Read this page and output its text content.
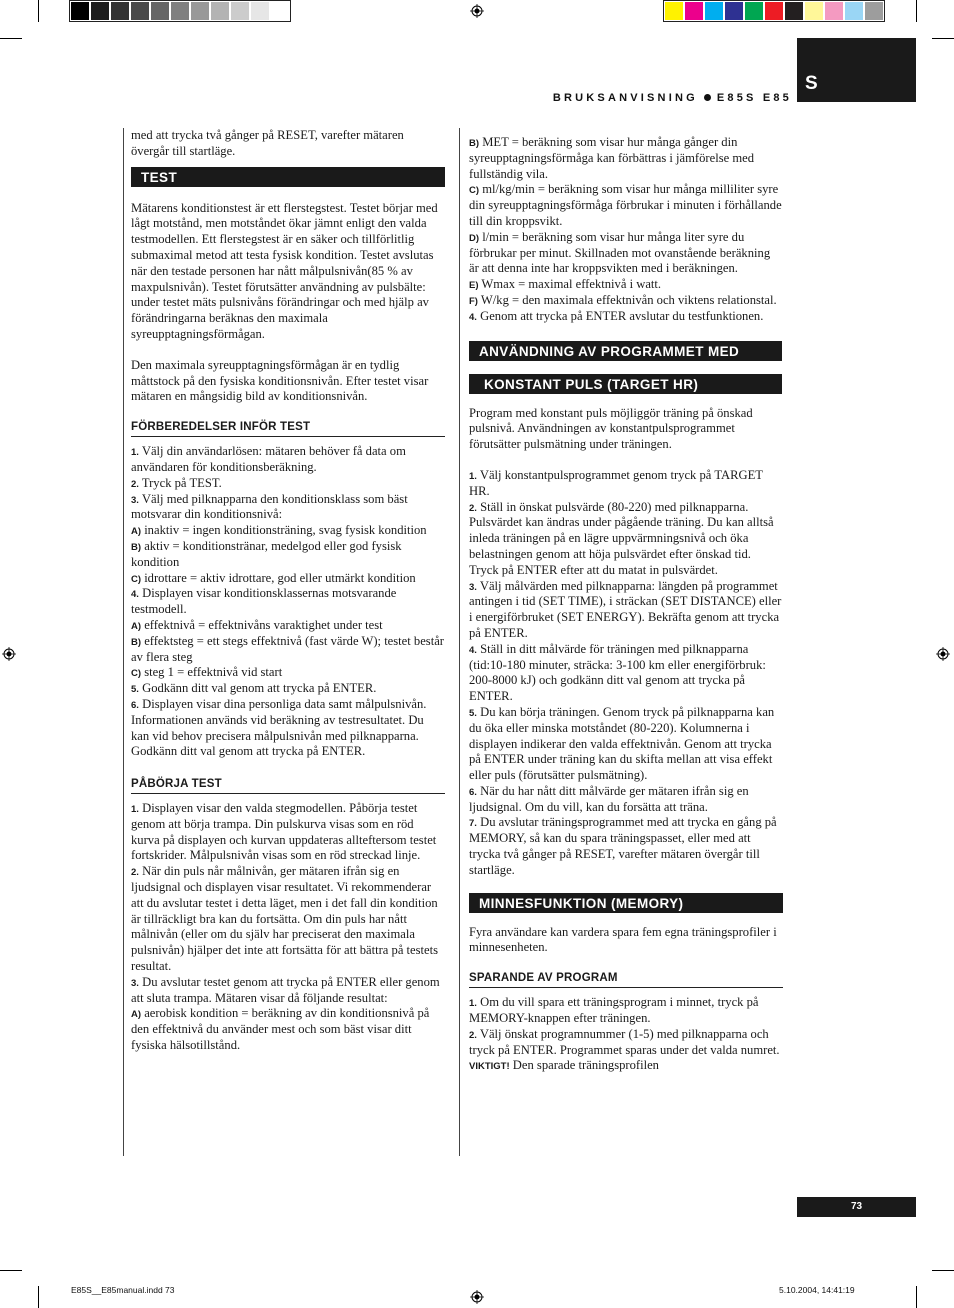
S
BRUKSANVISNING E85S E85

med att trycka två gånger på RESET, varefter mätaren övergår till startläge.

TEST

Mätarens konditionstest är ett flerstegstest. Testet börjar med lågt motstånd, men motståndet ökar jämnt enligt den valda testmodellen. Ett flerstegstest är en säker och tillförlitlig submaximal metod att testa fysisk kondition. Testet avslutas när den testade personen har nått målpulsnivån(85 % av maxpulsnivån). Testet förutsätter användning av pulsbälte: under testet mäts pulsnivåns förändringar och med hjälp av förändringarna beräknas den maximala syreupptagningsförmågan.

Den maximala syreupptagningsförmågan är en tydlig måttstock på den fysiska konditionsnivån. Efter testet visar mätaren en mångsidig bild av konditionsnivån.

FÖRBEREDELSER INFÖR TEST

1. Välj din användarlösen: mätaren behöver få data om användaren för konditionsberäkning.

2. Tryck på TEST.

3. Välj med pilknapparna den konditionsklass som bäst motsvarar din konditionsnivå:

A) inaktiv = ingen konditionsträning, svag fysisk kondition

B) aktiv = konditionstränar, medelgod eller god fysisk kondition

C) idrottare = aktiv idrottare, god eller utmärkt kondition

4. Displayen visar konditionsklassernas motsvarande testmodell.

A) effektnivå = effektnivåns varaktighet under test

B) effektsteg = ett stegs effektnivå (fast värde W); testet består av flera steg

C) steg 1 = effektnivå vid start

5. Godkänn ditt val genom att trycka på ENTER.

6. Displayen visar dina personliga data samt målpulsnivån. Informationen används vid beräkning av testresultatet. Du kan vid behov precisera målpulsnivån med pilknapparna. Godkänn ditt val genom att trycka på ENTER.

PÅBÖRJA TEST

1. Displayen visar den valda stegmodellen. Påbörja testet genom att börja trampa. Din pulskurva visas som en röd kurva på displayen och kurvan uppdateras allteftersom testet fortskrider. Målpulsnivån visas som en röd streckad linje.

2. När din puls når målnivån, ger mätaren ifrån sig en ljudsignal och displayen visar resultatet. Vi rekommenderar att du avslutar testet i detta läget, men i det fall din kondition är tillräckligt bra kan du fortsätta. Om din puls har nått målnivån (eller om du själv har preciserat den maximala pulsnivån) hjälper det inte att fortsätta för att bättra på testets resultat.

3. Du avslutar testet genom att trycka på ENTER eller genom att sluta trampa. Mätaren visar då följande resultat:

A) aerobisk kondition = beräkning av din konditionsnivå på den effektnivå du använder mest och som bäst visar ditt fysiska hälsotillstånd.

B) MET = beräkning som visar hur många gånger din syreupptagningsförmåga kan förbättras i jämförelse med fullständig vila.

C) ml/kg/min = beräkning som visar hur många milliliter syre din syreupptagningsförmåga förbrukar i minuten i förhållande till din kroppsvikt.

D) l/min = beräkning som visar hur många liter syre du förbrukar per minut. Skillnaden mot ovanstående beräkning är att denna inte har kroppsvikten med i beräkningen.

E) Wmax = maximal effektnivå i watt.

F) W/kg = den maximala effektnivån och viktens relationstal.

4. Genom att trycka på ENTER avslutar du testfunktionen.

ANVÄNDNING AV PROGRAMMET MED
KONSTANT PULS (TARGET HR)

Program med konstant puls möjliggör träning på önskad pulsnivå. Användningen av konstantpulsprogrammet förutsätter pulsmätning under träningen.

1. Välj konstantpulsprogrammet genom tryck på TARGET HR.

2. Ställ in önskat pulsvärde (80-220) med pilknapparna. Pulsvärdet kan ändras under pågående träning. Du kan alltså inleda träningen på en lägre uppvärmningsnivå och öka belastningen genom att höja pulsvärdet efter önskad tid. Tryck på ENTER efter att du matat in pulsvärdet.

3. Välj målvärden med pilknapparna: längden på programmet antingen i tid (SET TIME), i sträckan (SET DISTANCE) eller i energiförbruket (SET ENERGY). Bekräfta genom att trycka på ENTER.

4. Ställ in ditt målvärde för träningen med pilknapparna (tid:10-180 minuter, sträcka: 3-100 km eller energiförbruk: 200-8000 kJ) och godkänn ditt val genom att trycka på ENTER.

5. Du kan börja träningen. Genom tryck på pilknapparna kan du öka eller minska motståndet (80-220). Kolumnerna i displayen indikerar den valda effektnivån. Genom att trycka på ENTER under träning kan du skifta mellan att visa effekt eller puls (förutsätter pulsmätning).

6. När du har nått ditt målvärde ger mätaren ifrån sig en ljudsignal. Om du vill, kan du forsätta att träna.

7. Du avslutar träningsprogrammet med att trycka en gång på MEMORY, så kan du spara träningspasset, eller med att trycka två gånger på RESET, varefter mätaren övergår till startläge.

MINNESFUNKTION (MEMORY)

Fyra användare kan vardera spara fem egna träningsprofiler i minnesenheten.

SPARANDE AV PROGRAM

1. Om du vill spara ett träningsprogram i minnet, tryck på MEMORY-knappen efter träningen.

2. Välj önskat programnummer (1-5) med pilknapparna och tryck på ENTER. Programmet sparas under det valda numret. VIKTIGT! Den sparade träningsprofilen

73
E85S__E85manual.indd 73	5.10.2004, 14:41:19
